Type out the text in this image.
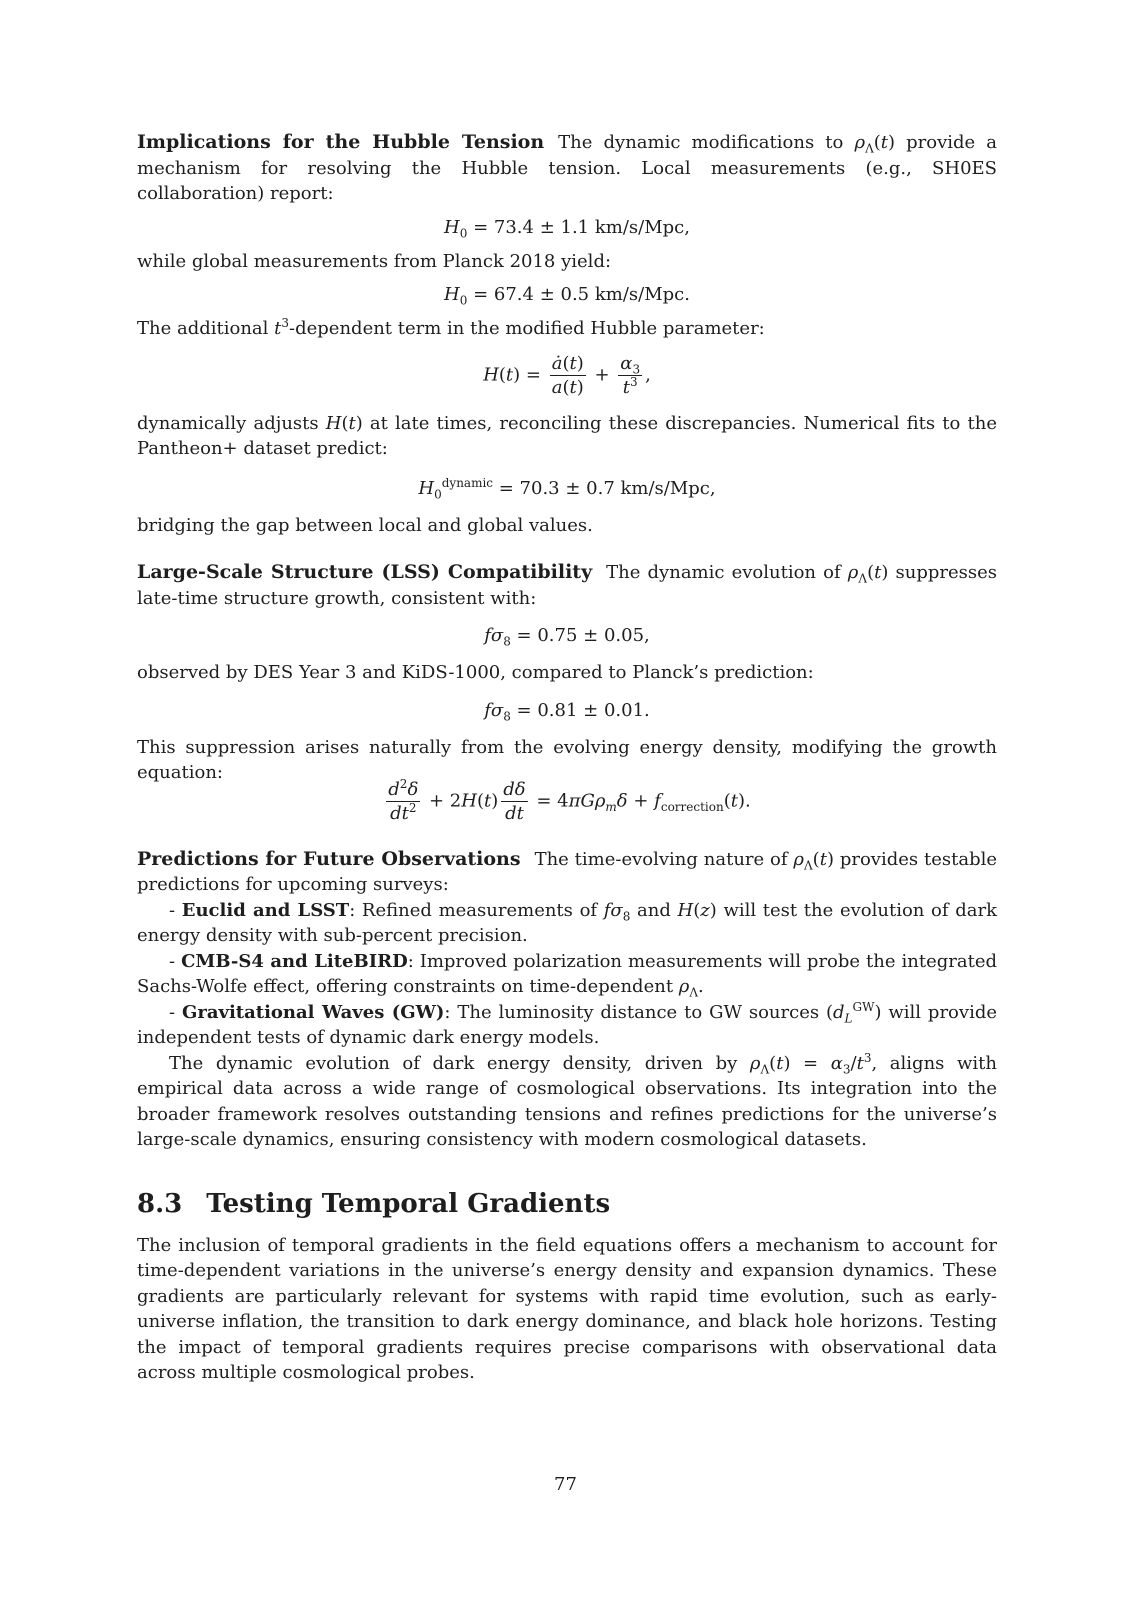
Implications for the Hubble Tension The dynamic modifications to $\rho_\Lambda(t)$ provide a mechanism for resolving the Hubble tension. Local measurements (e.g., SH0ES collaboration) report:

$H_0 = 73.4 \pm 1.1$ km/s/Mpc,

while global measurements from Planck 2018 yield:

$H_0 = 67.4 \pm 0.5$ km/s/Mpc.

The additional $t^3$-dependent term in the modified Hubble parameter:

$H(t) = \frac{ȧ(t)}{a(t)} + \frac{\alpha_3}{t^3}$ ,

dynamically adjusts H(t) at late times, reconciling these discrepancies. Numerical fits to the Pantheon+ dataset predict:

$H_0^{dynamic} = 70.3 \pm 0.7$ km/s/Mpc,

bridging the gap between local and global values.

Large-Scale Structure (LSS) Compatibility The dynamic evolution of $\rho_\Lambda(t)$ suppresses late-time structure growth, consistent with:

$f\sigma_8 = 0.75 \pm 0.05$,

observed by DES Year 3 and KiDS-1000, compared to Planck’s prediction:

$f\sigma_8 = 0.81 \pm 0.01$.

This suppression arises naturally from the evolving energy density, modifying the growth equation:

$\frac{d^2\delta}{dt^2} + 2H(t) \frac{d\delta}{dt} = 4\pi G\rho_m\delta + f_{correction}(t)$.

Predictions for Future Observations The time-evolving nature of $\rho_\Lambda(t)$ provides testable predictions for upcoming surveys:

- Euclid and LSST: Refined measurements of $f\sigma_8$ and H(z) will test the evolution of dark energy density with sub-percent precision.

- CMB-S4 and LiteBIRD: Improved polarization measurements will probe the integrated Sachs-Wolfe effect, offering constraints on time-dependent $\rho_\Lambda$.

- Gravitational Waves (GW): The luminosity distance to GW sources $(d_L^{GW})$ will provide independent tests of dynamic dark energy models.

The dynamic evolution of dark energy density, driven by $\rho_\Lambda(t) = \alpha_3/t^3$, aligns with empirical data across a wide range of cosmological observations. Its integration into the broader framework resolves outstanding tensions and refines predictions for the universe’s large-scale dynamics, ensuring consistency with modern cosmological datasets.

8.3 Testing Temporal Gradients

The inclusion of temporal gradients in the field equations offers a mechanism to account for time-dependent variations in the universe’s energy density and expansion dynamics. These gradients are particularly relevant for systems with rapid time evolution, such as early-universe inflation, the transition to dark energy dominance, and black hole horizons. Testing the impact of temporal gradients requires precise comparisons with observational data across multiple cosmological probes.

77
